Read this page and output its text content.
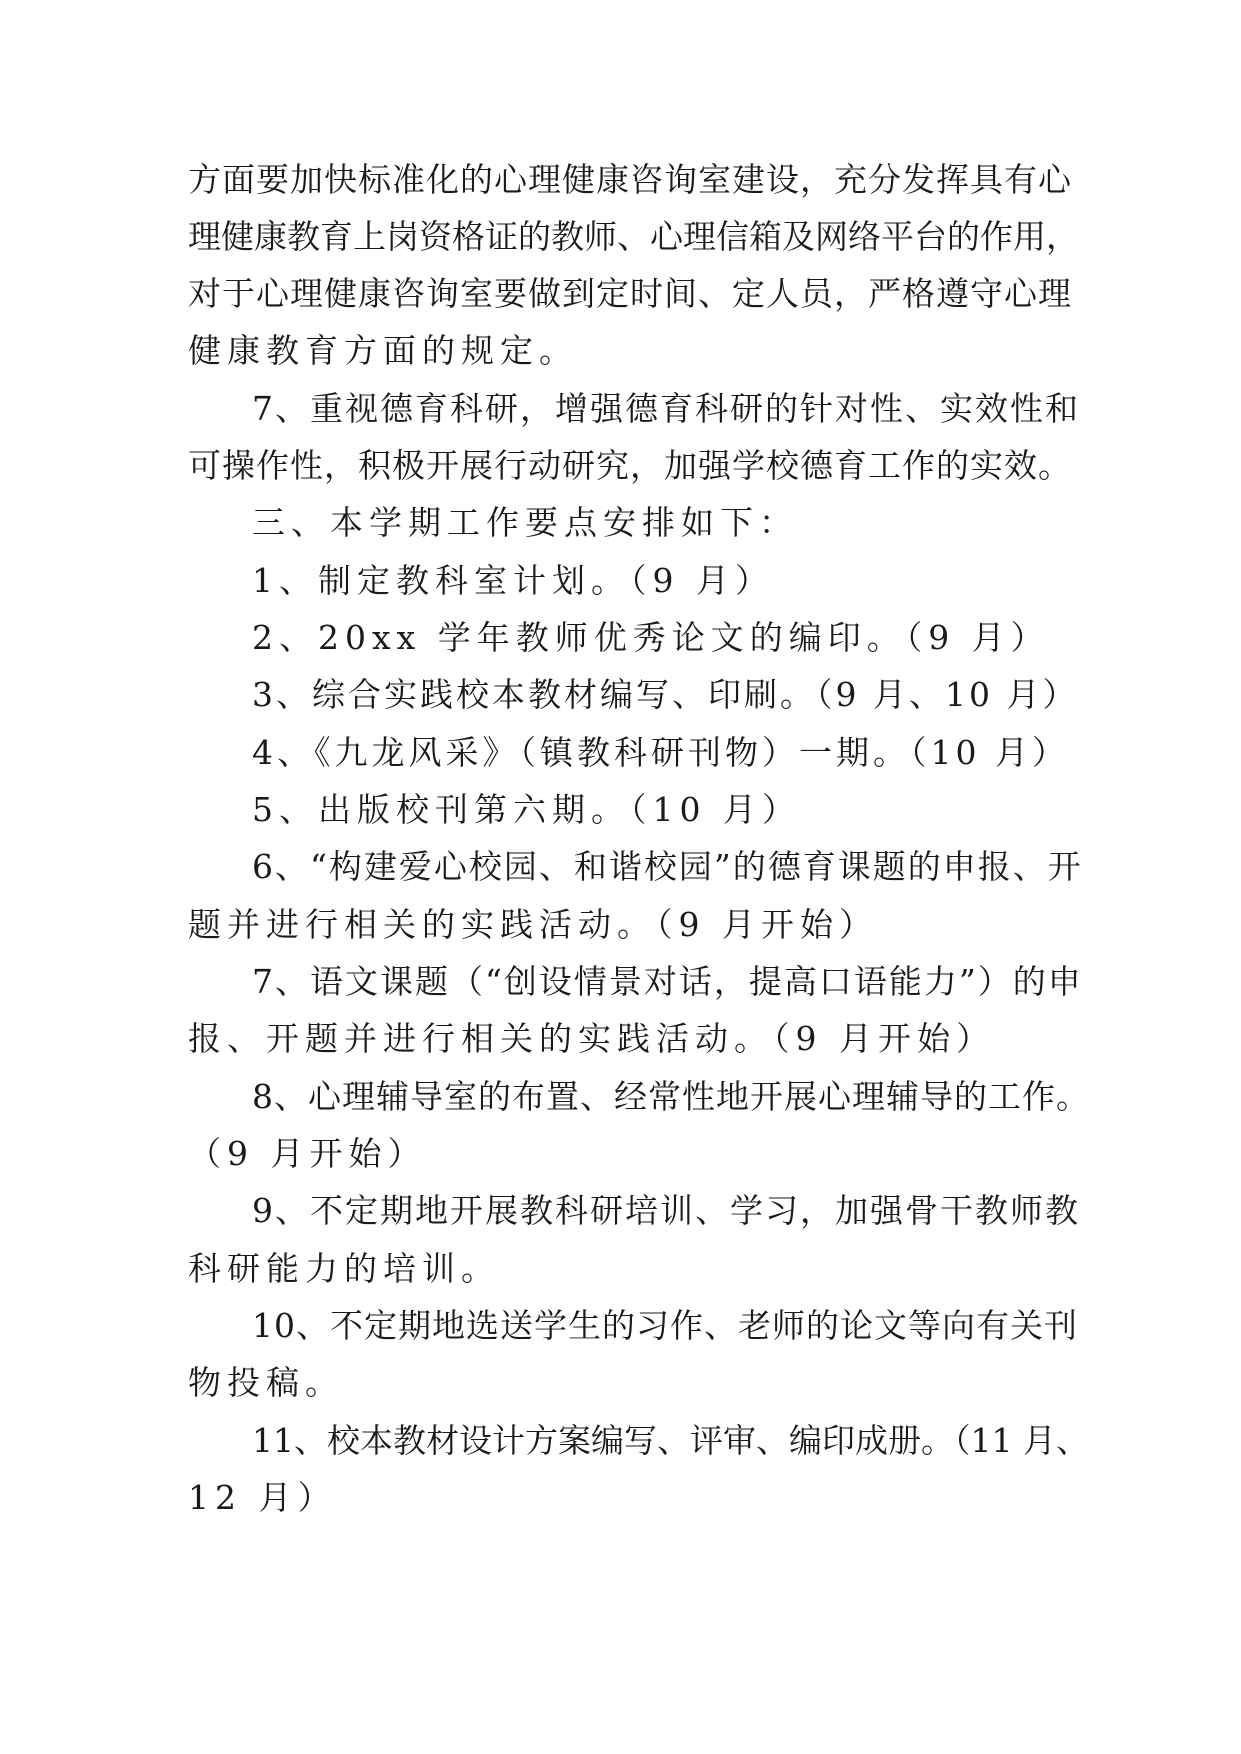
方面要加快标准化的心理健康咨询室建设，充分发挥具有心
理健康教育上岗资格证的教师、心理信箱及网络平台的作用，
对于心理健康咨询室要做到定时间、定人员，严格遵守心理
健康教育方面的规定。
7、重视德育科研，增强德育科研的针对性、实效性和
可操作性，积极开展行动研究，加强学校德育工作的实效。
三、本学期工作要点安排如下：
1、制定教科室计划。（9 月）
2、20xx 学年教师优秀论文的编印。（9 月）
3、综合实践校本教材编写、印刷。（9 月、10 月）
4、《九龙风采》（镇教科研刊物）一期。（10 月）
5、出版校刊第六期。（10 月）
6、“构建爱心校园、和谐校园”的德育课题的申报、开
题并进行相关的实践活动。（9 月开始）
7、语文课题（“创设情景对话，提高口语能力”）的申
报、开题并进行相关的实践活动。（9 月开始）
8、心理辅导室的布置、经常性地开展心理辅导的工作。
（9 月开始）
9、不定期地开展教科研培训、学习，加强骨干教师教
科研能力的培训。
10、不定期地选送学生的习作、老师的论文等向有关刊
物投稿。
11、校本教材设计方案编写、评审、编印成册。（11 月、
12 月）
